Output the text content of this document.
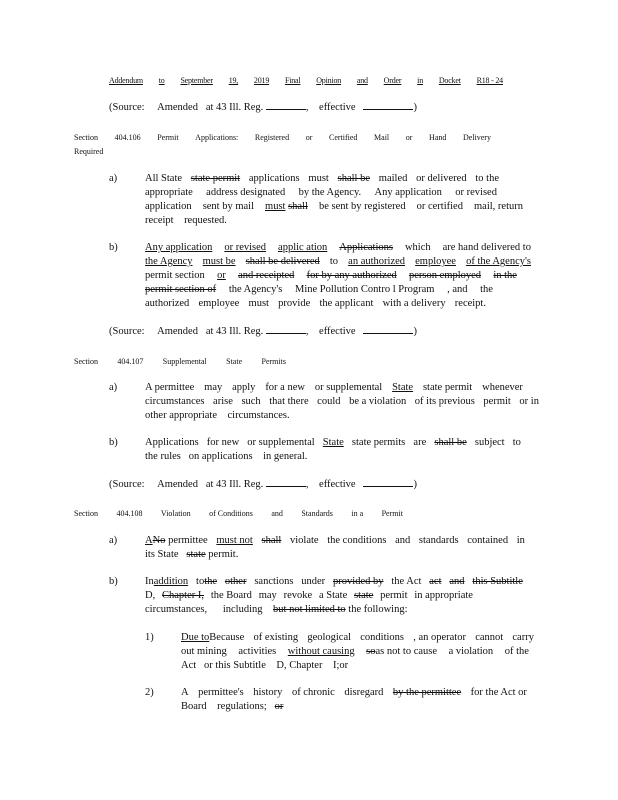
Addendum to September 19, 2019 Final Opinion and Order in Docket R18 - 24
(Source: Amended at 43 Ill. Reg.	, effective	)
Section 404.106 Permit Applications: Registered or Certified Mail or Hand Delivery
Required
a)	All State state permit applications must shall be mailed or delivered to the
appropriate address designated by the Agency. Any application or revised
application sent by mail must shall be sent by registered or certified mail, return
receipt requested.
b)	Any application or revised applic ation Applications which are hand delivered to
the Agency must be shall be delivered to an authorized employee of the Agency's
permit section or and receipted for by any authorized person employed in the
permit section of the Agency's Mine Pollution Contro l Program , and the
authorized employee must provide the applicant with a delivery receipt.
(Source: Amended at 43 Ill. Reg.	, effective	)
Section 404.107 Supplemental State Permits
a)	A permittee may apply for a new or supplemental State state permit whenever
circumstances arise such that there could be a violation of its previous permit or in
other appropriate circumstances.
b)	Applications for new or supplemental State state permits are shall be subject to
the rules on applications in general.
(Source: Amended at 43 Ill. Reg.	, effective	)
Section 404.108 Violation of Conditions and Standards in a Permit
a)	ANo permittee must not shall violate the conditions and standards contained in
its State state permit.
b)	Inaddition tothe other sanctions under provided by the Act act and this Subtitle
D, Chapter I, the Board may revoke a State state permit in appropriate
circumstances, including but not limited to the following:
1)	Due toBecause of existing geological conditions , an operator cannot carry
out mining activities without causing soas not to cause a violation of the
Act or this Subtitle D, Chapter I;or
2)	A permittee's history of chronic disregard by the permittee for the Act or
Board regulations; or
